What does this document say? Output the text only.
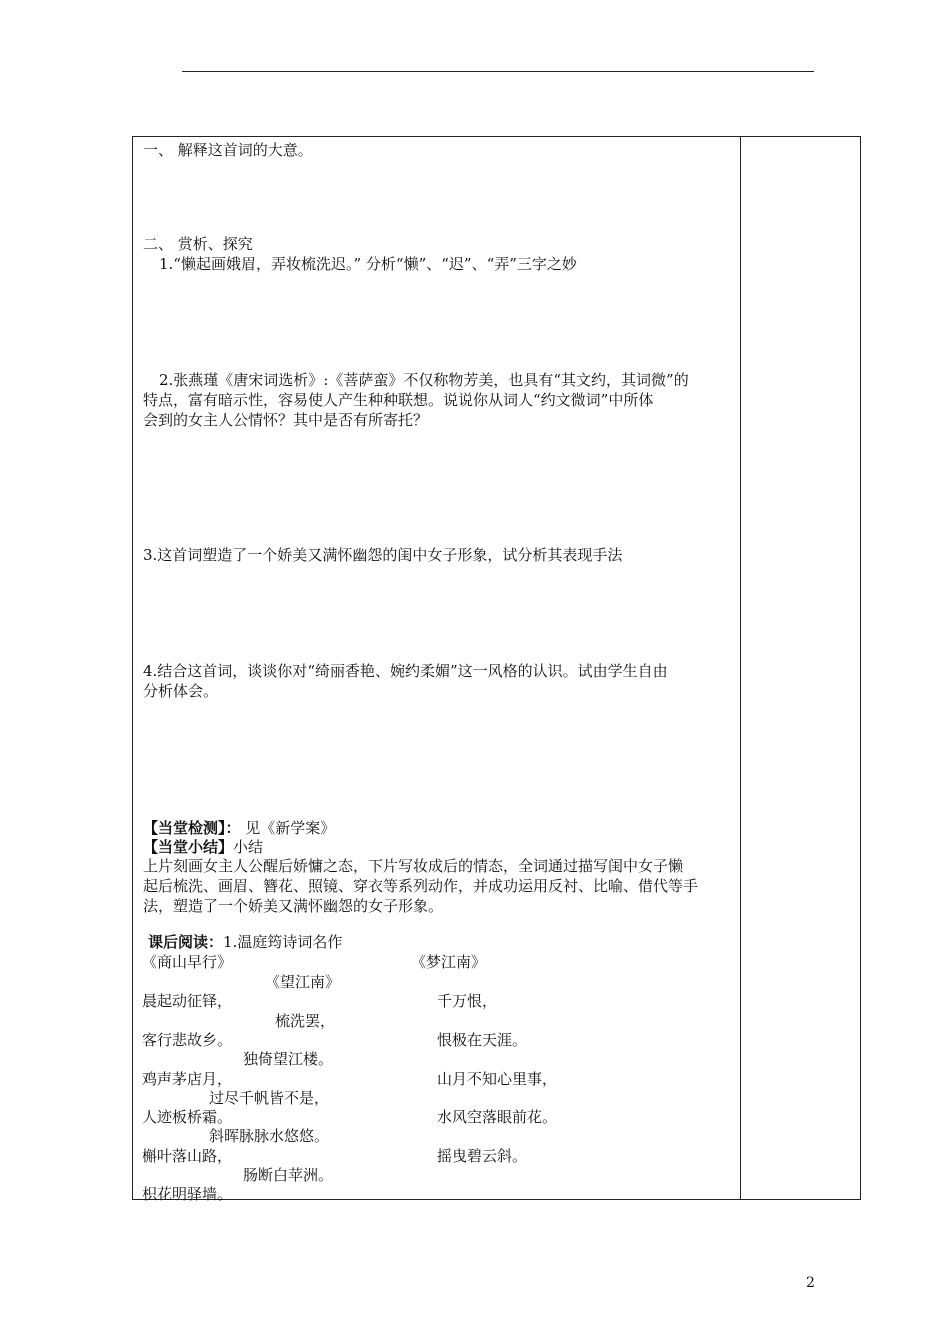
一、 解释这首词的大意。
二、 赏析、探究
1.“懒起画娥眉，弄妆梳洗迟。” 分析“懒”、“迟”、“弄”三字之妙
2.张燕瑾《唐宋词选析》:《菩萨蛮》不仅称物芳美，也具有“其文约，其词微”的
特点，富有暗示性，容易使人产生种种联想。说说你从词人“约文微词”中所体
会到的女主人公情怀？其中是否有所寄托？
3.这首词塑造了一个娇美又满怀幽怨的闺中女子形象，试分析其表现手法
4.结合这首词，谈谈你对“绮丽香艳、婉约柔媚”这一风格的认识。试由学生自由
分析体会。
【当堂检测】： 见《新学案》
【当堂小结】小结
上片刻画女主人公醒后娇慵之态，下片写妆成后的情态，全词通过描写闺中女子懒
起后梳洗、画眉、簪花、照镜、穿衣等系列动作，并成功运用反衬、比喻、借代等手
法，塑造了一个娇美又满怀幽怨的女子形象。
课后阅读：1.温庭筠诗词名作
《商山早行》	《梦江南》
《望江南》
晨起动征铎，	千万恨，
梳洗罢，
客行悲故乡。	恨极在天涯。
独倚望江楼。
鸡声茅店月，	山月不知心里事，
过尽千帆皆不是，
人迹板桥霜。	水风空落眼前花。
斜晖脉脉水悠悠。
槲叶落山路，	摇曳碧云斜。
肠断白苹洲。
枳花明驿墙。
2
